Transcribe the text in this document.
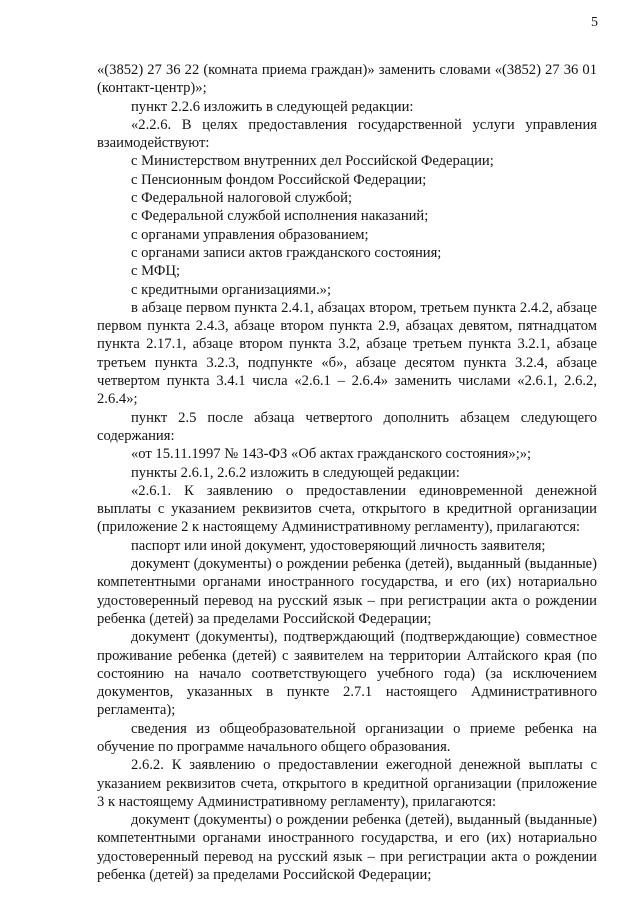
5

«(3852) 27 36 22 (комната приема граждан)» заменить словами «(3852) 27 36 01 (контакт-центр)»;

пункт 2.2.6 изложить в следующей редакции:

«2.2.6. В целях предоставления государственной услуги управления взаимодействуют:

с Министерством внутренних дел Российской Федерации;

с Пенсионным фондом Российской Федерации;

с Федеральной налоговой службой;

с Федеральной службой исполнения наказаний;

с органами управления образованием;

с органами записи актов гражданского состояния;

с МФЦ;

с кредитными организациями.»;

в абзаце первом пункта 2.4.1, абзацах втором, третьем пункта 2.4.2, абзаце первом пункта 2.4.3, абзаце втором пункта 2.9, абзацах девятом, пятнадцатом пункта 2.17.1, абзаце втором пункта 3.2, абзаце третьем пункта 3.2.1, абзаце третьем пункта 3.2.3, подпункте «б», абзаце десятом пункта 3.2.4, абзаце четвертом пункта 3.4.1 числа «2.6.1 – 2.6.4» заменить числами «2.6.1, 2.6.2, 2.6.4»;

пункт 2.5 после абзаца четвертого дополнить абзацем следующего содержания:

«от 15.11.1997 № 143-ФЗ «Об актах гражданского состояния»;»;

пункты 2.6.1, 2.6.2 изложить в следующей редакции:

«2.6.1. К заявлению о предоставлении единовременной денежной выплаты с указанием реквизитов счета, открытого в кредитной организации (приложение 2 к настоящему Административному регламенту), прилагаются:

паспорт или иной документ, удостоверяющий личность заявителя;

документ (документы) о рождении ребенка (детей), выданный (выданные) компетентными органами иностранного государства, и его (их) нотариально удостоверенный перевод на русский язык – при регистрации акта о рождении ребенка (детей) за пределами Российской Федерации;

документ (документы), подтверждающий (подтверждающие) совместное проживание ребенка (детей) с заявителем на территории Алтайского края (по состоянию на начало соответствующего учебного года) (за исключением документов, указанных в пункте 2.7.1 настоящего Административного регламента);

сведения из общеобразовательной организации о приеме ребенка на обучение по программе начального общего образования.

2.6.2. К заявлению о предоставлении ежегодной денежной выплаты с указанием реквизитов счета, открытого в кредитной организации (приложение 3 к настоящему Административному регламенту), прилагаются:

документ (документы) о рождении ребенка (детей), выданный (выданные) компетентными органами иностранного государства, и его (их) нотариально удостоверенный перевод на русский язык – при регистрации акта о рождении ребенка (детей) за пределами Российской Федерации;
